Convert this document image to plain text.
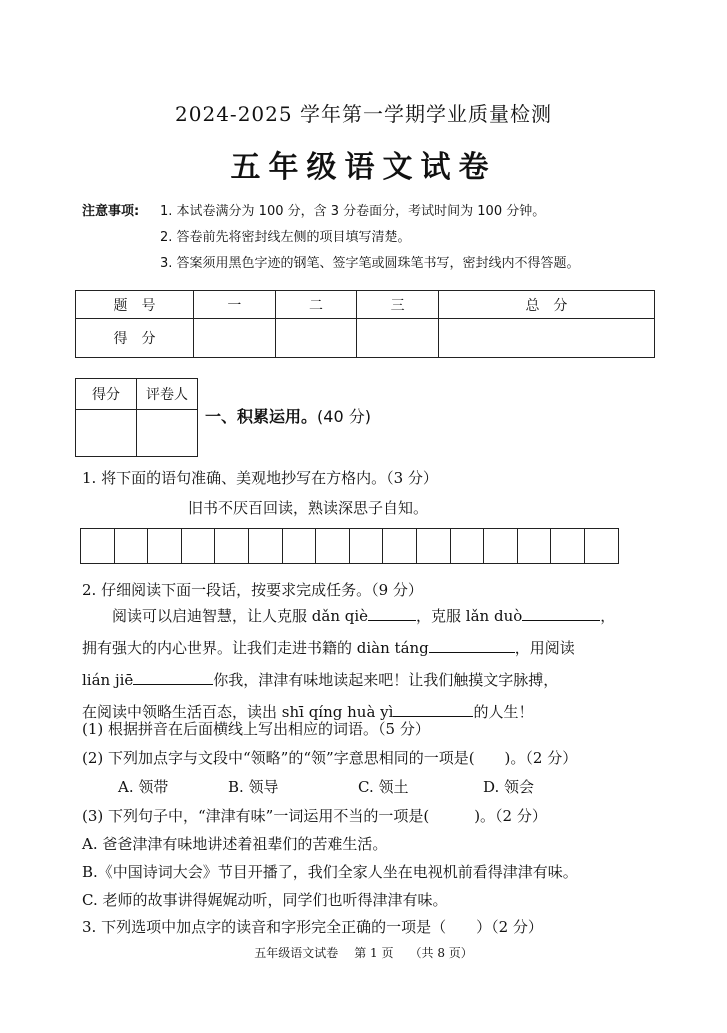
2024-2025 学年第一学期学业质量检测
五年级语文试卷
注意事项: 1. 本试卷满分为 100 分，含 3 分卷面分，考试时间为 100 分钟。
2. 答卷前先将密封线左侧的项目填写清楚。
3. 答案须用黑色字迹的钢笔、签字笔或圆珠笔书写，密封线内不得答题。
题　号	一	二	三	总　分
得　分				
得分	评卷人

一、积累运用。(40 分)
1. 将下面的语句准确、美观地抄写在方格内。（3 分）
旧书不厌百回读，熟读深思子自知。
2. 仔细阅读下面一段话，按要求完成任务。（9 分）
阅读可以启迪智慧，让人克服 dǎn qiè	，克服 lǎn duò	，
拥有强大的内心世界。让我们走进书籍的 diàn táng	，用阅读
lián jiē	你我，津津有味地读起来吧！让我们触摸文字脉搏，
在阅读中领略生活百态，读出 shī qíng huà yì	的人生！
(1) 根据拼音在后面横线上写出相应的词语。（5 分）
(2) 下列加点字与文段中“领略”的“领”字意思相同的一项是(　　)。（2 分）
A. 领带	B. 领导	C. 领土	D. 领会
(3) 下列句子中，“津津有味”一词运用不当的一项是(　　　)。（2 分）
A. 爸爸津津有味地讲述着祖辈们的苦难生活。
B.《中国诗词大会》节目开播了，我们全家人坐在电视机前看得津津有味。
C. 老师的故事讲得娓娓动听，同学们也听得津津有味。
3. 下列选项中加点字的读音和字形完全正确的一项是（　　）（2 分）
五年级语文试卷 第 1 页 （共 8 页）
